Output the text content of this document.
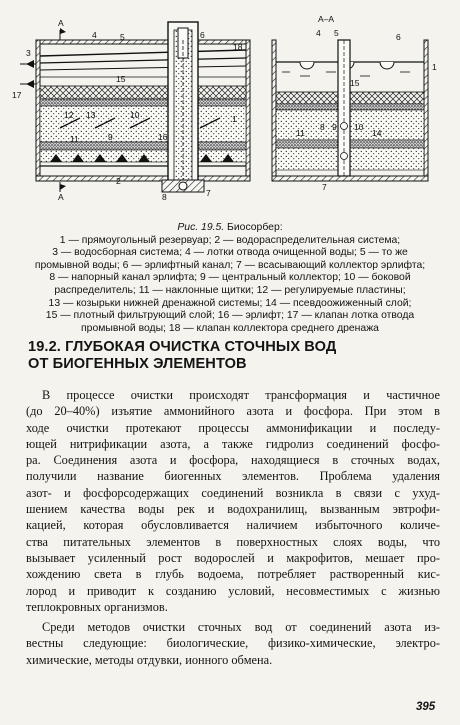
А
А
4	5	6
18
3
15
17
12 13
11	9
10	1
16
2
8	7
А–А
4 5	6
15
1
11
8 9 10
14
7
Рис. 19.5. Биосорбер:
1 — прямоугольный резервуар; 2 — водораспределительная система;
3 — водосборная система; 4 — лотки отвода очищенной воды; 5 — то же
промывной воды; 6 — эрлифтный канал; 7 — всасывающий коллектор эрлифта;
8 — напорный канал эрлифта; 9 — центральный коллектор; 10 — боковой
распределитель; 11 — наклонные щитки; 12 — регулируемые пластины;
13 — козырьки нижней дренажной системы; 14 — псевдоожиженный слой;
15 — плотный фильтрующий слой; 16 — эрлифт; 17 — клапан лотка отвода
промывной воды; 18 — клапан коллектора среднего дренажа
19.2. ГЛУБОКАЯ ОЧИСТКА СТОЧНЫХ ВОД
ОТ БИОГЕННЫХ ЭЛЕМЕНТОВ
В процессе очистки происходят трансформация и частичное
(до 20–40%) изъятие аммонийного азота и фосфора. При этом в
ходе очистки протекают процессы аммонификации и последу-
ющей нитрификации азота, а также гидролиз соединений фосфо-
ра. Соединения азота и фосфора, находящиеся в сточных водах,
получили название биогенных элементов. Проблема удаления
азот- и фосфорсодержащих соединений возникла в связи с ухуд-
шением качества воды рек и водохранилищ, вызванным эвтрофи-
кацией, которая обусловливается наличием избыточного количе-
ства питательных элементов в поверхностных слоях воды, что
вызывает усиленный рост водорослей и макрофитов, мешает про-
хождению света в глубь водоема, потребляет растворенный кис-
лород и приводит к созданию условий, несовместимых с жизнью
теплокровных организмов.
Среди методов очистки сточных вод от соединений азота из-
вестны следующие: биологические, физико-химические, электро-
химические, методы отдувки, ионного обмена.
395
